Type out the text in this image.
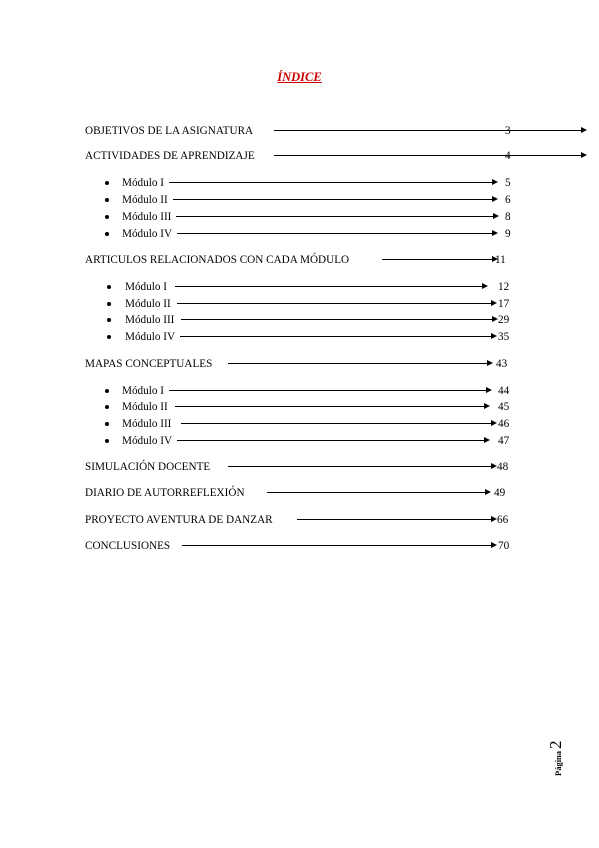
ÍNDICE
OBJETIVOS DE LA ASIGNATURA	3
ACTIVIDADES DE APRENDIZAJE	4
Módulo I	5
Módulo II	6
Módulo III	8
Módulo IV	9
ARTICULOS RELACIONADOS CON CADA MÓDULO	11
Módulo I	12
Módulo II	17
Módulo III	29
Módulo IV	35
MAPAS CONCEPTUALES	43
Módulo I	44
Módulo II	45
Módulo III	46
Módulo IV	47
SIMULACIÓN DOCENTE	48
DIARIO DE AUTORREFLEXIÓN	49
PROYECTO AVENTURA DE DANZAR	66
CONCLUSIONES	70
Página2
